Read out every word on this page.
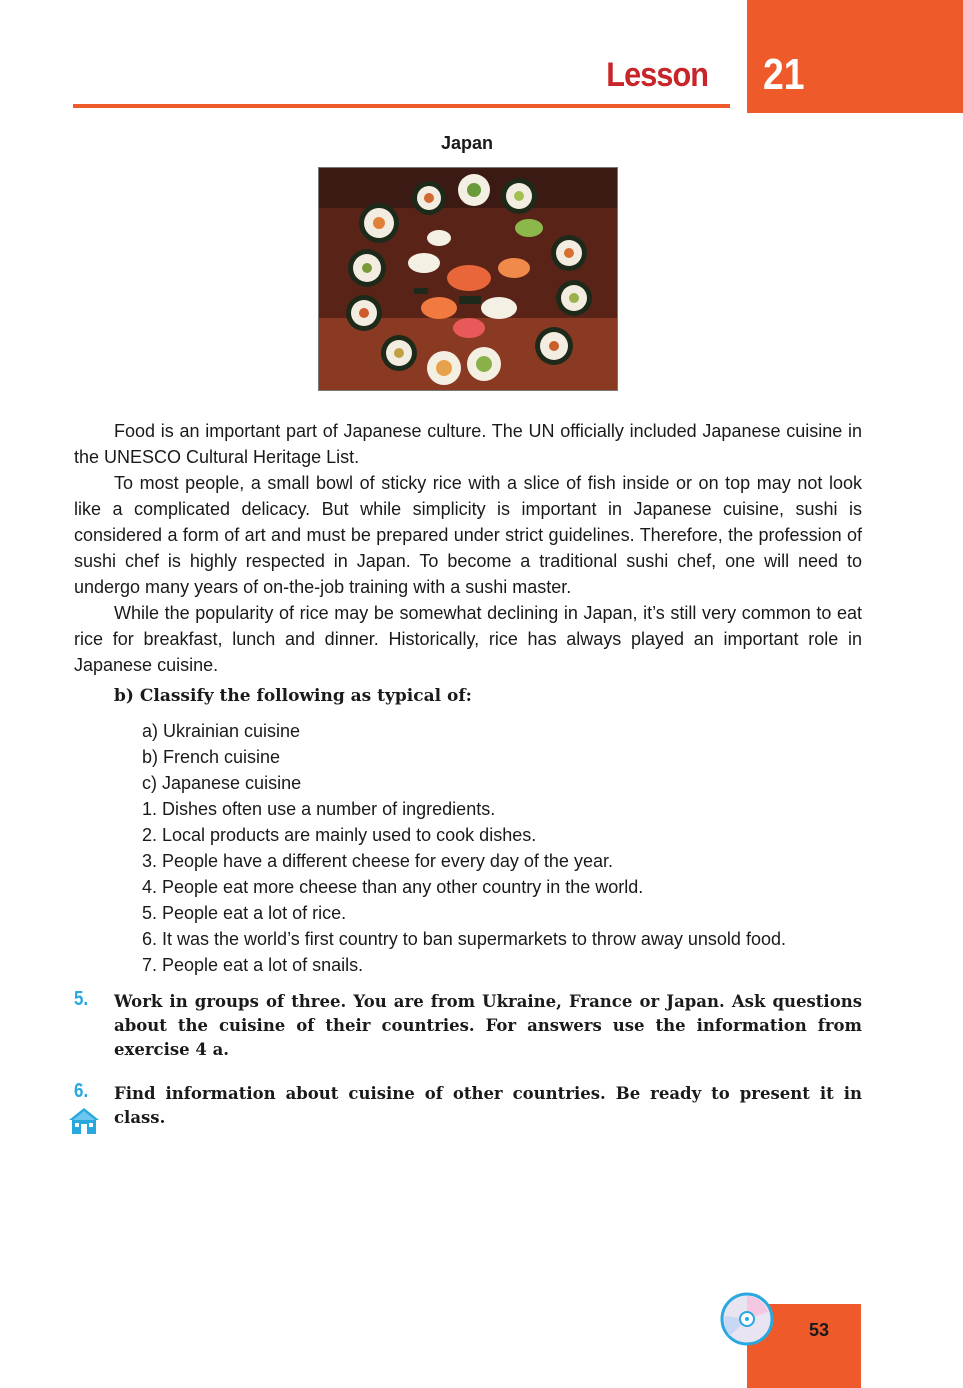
Lesson 21
Japan

Food is an important part of Japanese culture. The UN officially included Japanese cuisine in the UNESCO Cultural Heritage List.

To most people, a small bowl of sticky rice with a slice of fish inside or on top may not look like a complicated delicacy. But while simplicity is important in Japanese cuisine, sushi is considered a form of art and must be prepared under strict guidelines. Therefore, the profession of sushi chef is highly respected in Japan. To become a traditional sushi chef, one will need to undergo many years of on-the-job training with a sushi master.

While the popularity of rice may be somewhat declining in Japan, it’s still very common to eat rice for breakfast, lunch and dinner. Historically, rice has always played an important role in Japanese cuisine.

b) Classify the following as typical of:
a) Ukrainian cuisine
b) French cuisine
c) Japanese cuisine
1. Dishes often use a number of ingredients.
2. Local products are mainly used to cook dishes.
3. People have a different cheese for every day of the year.
4. People eat more cheese than any other country in the world.
5. People eat a lot of rice.
6. It was the world’s first country to ban supermarkets to throw away unsold food.
7. People eat a lot of snails.
5. Work in groups of three. You are from Ukraine, France or Japan. Ask questions about the cuisine of their countries. For answers use the information from exercise 4 a.
6. Find information about cuisine of other countries. Be ready to present it in class.
53
